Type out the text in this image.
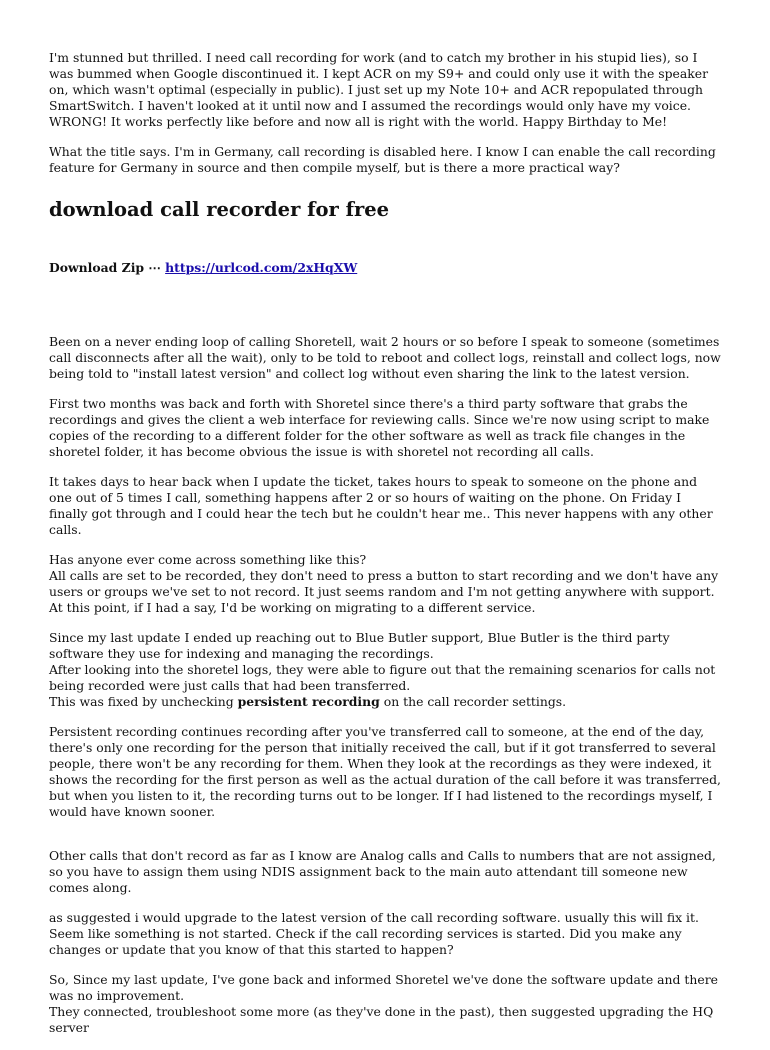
I'm stunned but thrilled. I need call recording for work (and to catch my brother in his stupid lies), so I was bummed when Google discontinued it. I kept ACR on my S9+ and could only use it with the speaker on, which wasn't optimal (especially in public). I just set up my Note 10+ and ACR repopulated through SmartSwitch. I haven't looked at it until now and I assumed the recordings would only have my voice. WRONG! It works perfectly like before and now all is right with the world. Happy Birthday to Me!

What the title says. I'm in Germany, call recording is disabled here. I know I can enable the call recording feature for Germany in source and then compile myself, but is there a more practical way?

download call recorder for free

Download Zip ⋯ https://urlcod.com/2xHqXW

Been on a never ending loop of calling Shoretell, wait 2 hours or so before I speak to someone (sometimes call disconnects after all the wait), only to be told to reboot and collect logs, reinstall and collect logs, now being told to "install latest version" and collect log without even sharing the link to the latest version.

First two months was back and forth with Shoretel since there's a third party software that grabs the recordings and gives the client a web interface for reviewing calls. Since we're now using script to make copies of the recording to a different folder for the other software as well as track file changes in the shoretel folder, it has become obvious the issue is with shoretel not recording all calls.

It takes days to hear back when I update the ticket, takes hours to speak to someone on the phone and one out of 5 times I call, something happens after 2 or so hours of waiting on the phone. On Friday I finally got through and I could hear the tech but he couldn't hear me.. This never happens with any other calls.

Has anyone ever come across something like this?
All calls are set to be recorded, they don't need to press a button to start recording and we don't have any users or groups we've set to not record. It just seems random and I'm not getting anywhere with support. At this point, if I had a say, I'd be working on migrating to a different service.

Since my last update I ended up reaching out to Blue Butler support, Blue Butler is the third party software they use for indexing and managing the recordings.
After looking into the shoretel logs, they were able to figure out that the remaining scenarios for calls not being recorded were just calls that had been transferred.
This was fixed by unchecking persistent recording on the call recorder settings.

Persistent recording continues recording after you've transferred call to someone, at the end of the day, there's only one recording for the person that initially received the call, but if it got transferred to several people, there won't be any recording for them. When they look at the recordings as they were indexed, it shows the recording for the first person as well as the actual duration of the call before it was transferred, but when you listen to it, the recording turns out to be longer. If I had listened to the recordings myself, I would have known sooner.

Other calls that don't record as far as I know are Analog calls and Calls to numbers that are not assigned, so you have to assign them using NDIS assignment back to the main auto attendant till someone new comes along.

as suggested i would upgrade to the latest version of the call recording software. usually this will fix it. Seem like something is not started. Check if the call recording services is started. Did you make any changes or update that you know of that this started to happen?

So, Since my last update, I've gone back and informed Shoretel we've done the software update and there was no improvement.
They connected, troubleshoot some more (as they've done in the past), then suggested upgrading the HQ server
